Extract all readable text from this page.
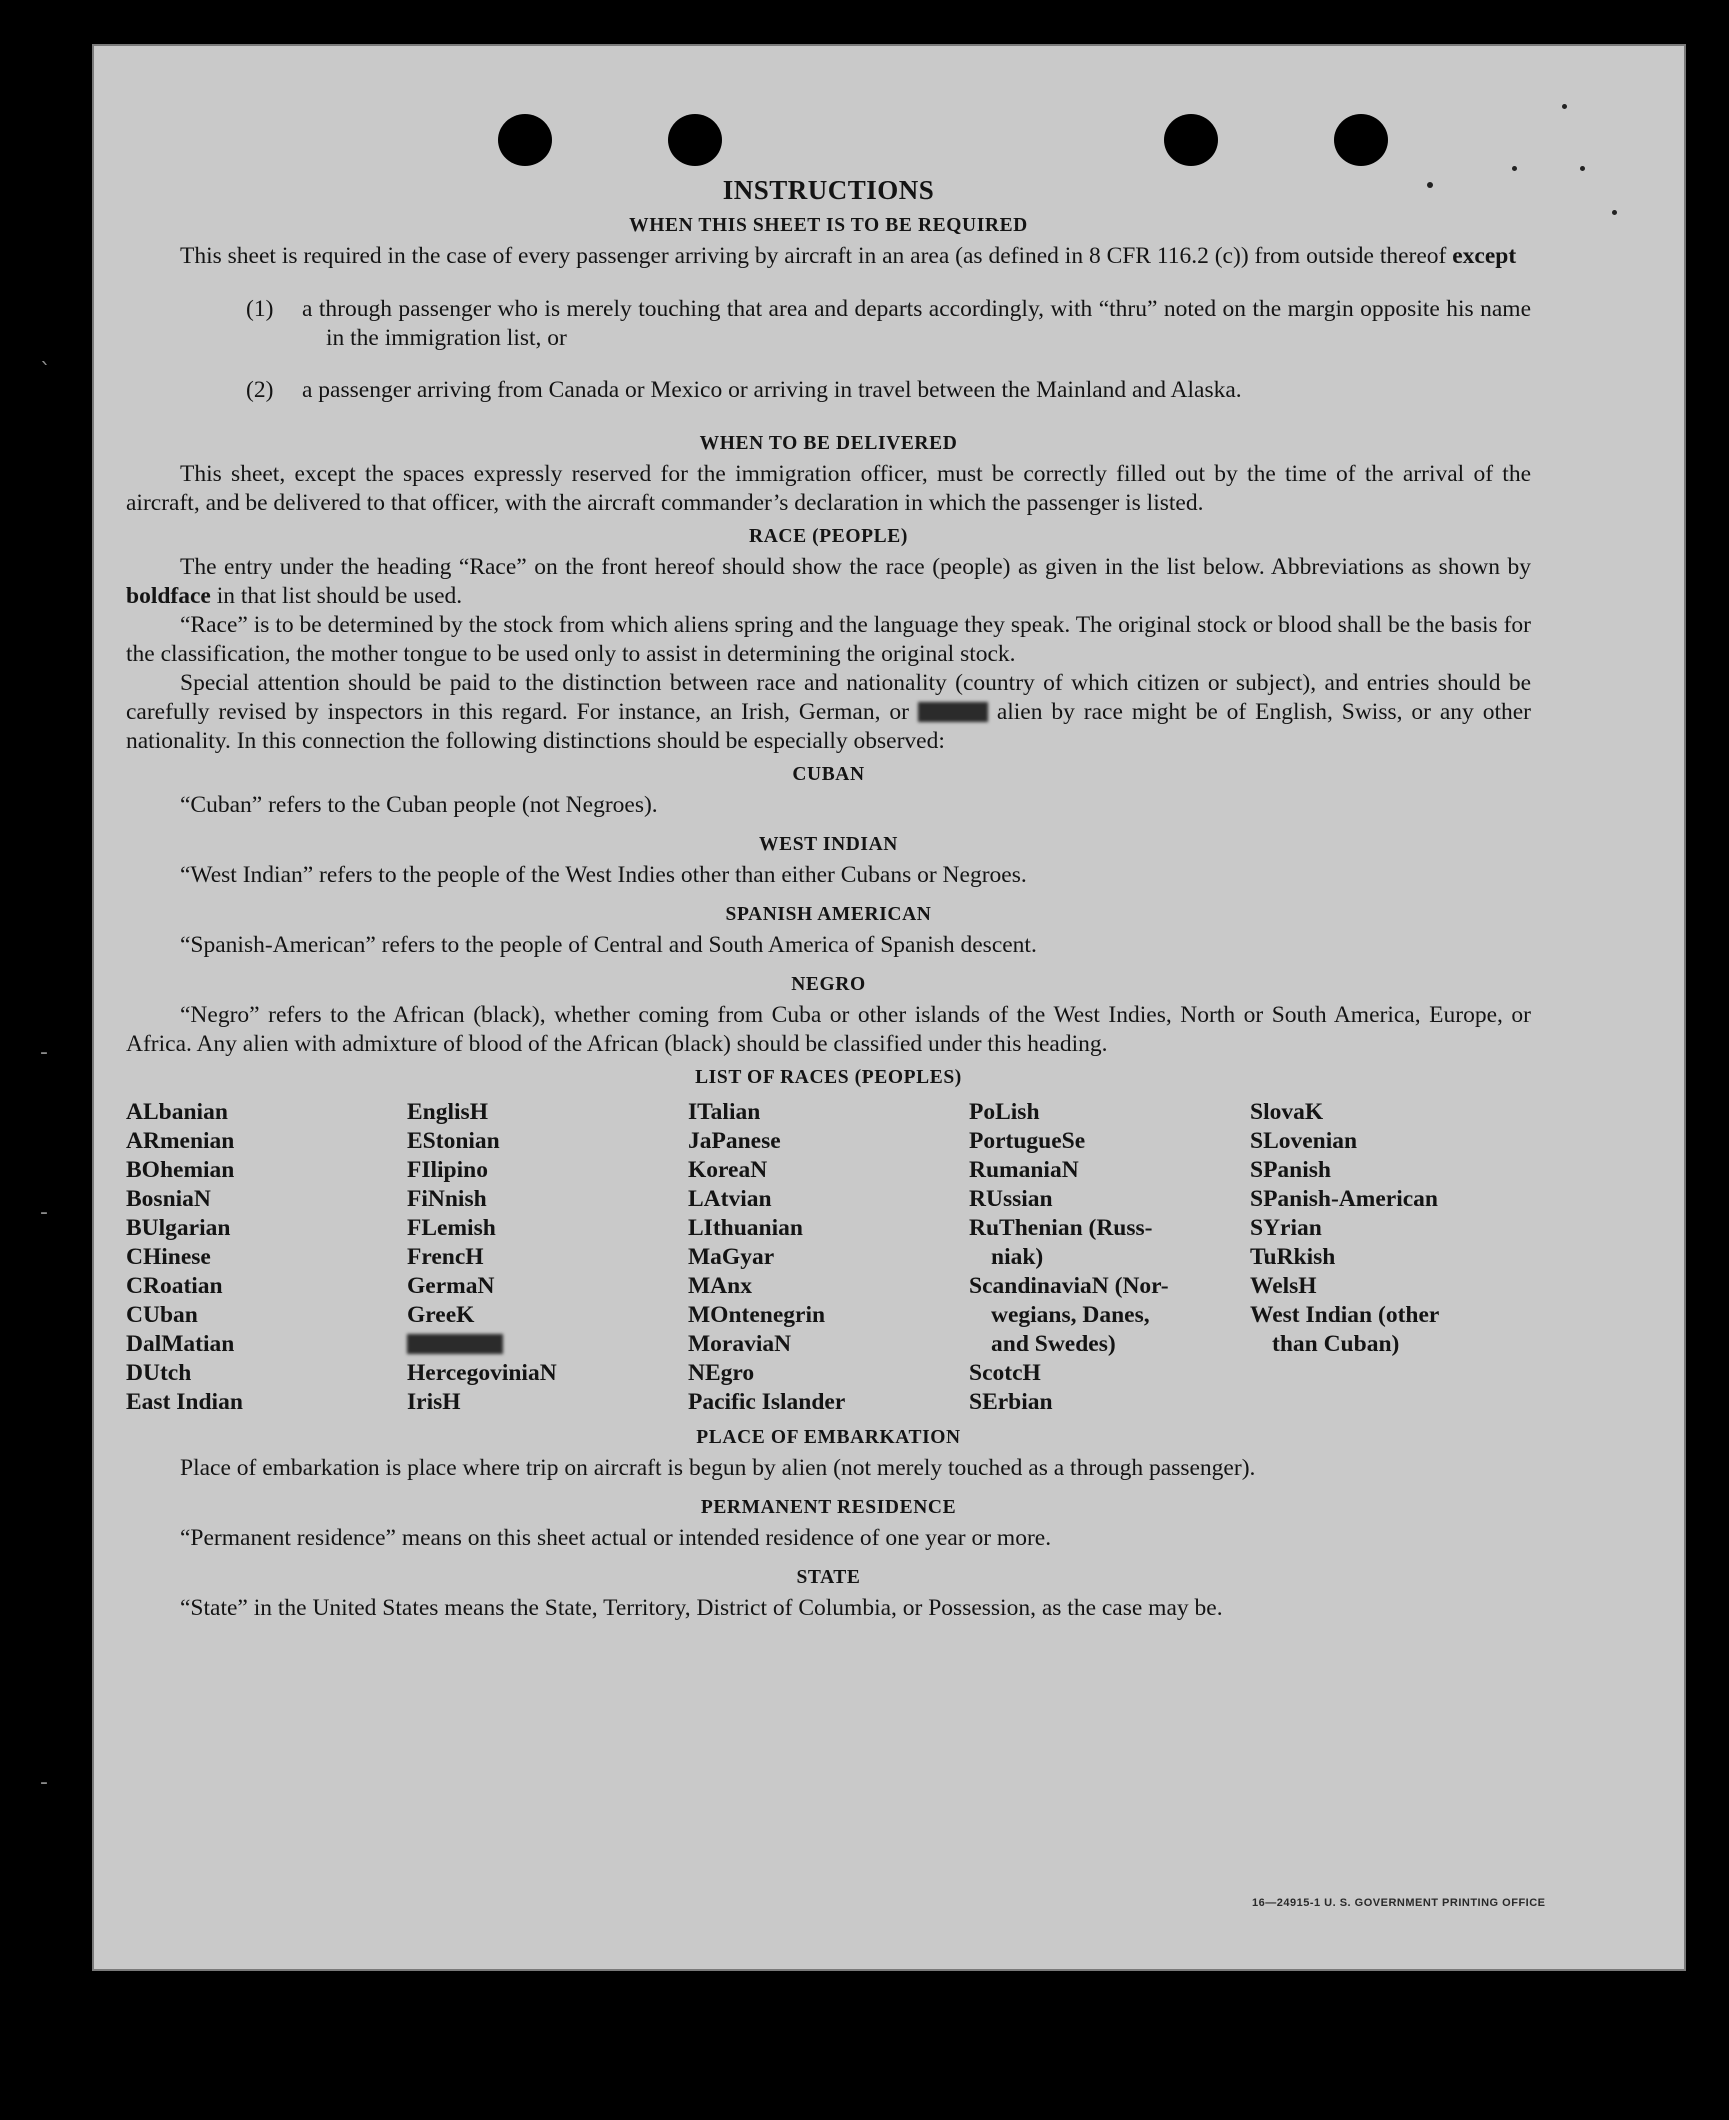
INSTRUCTIONS
WHEN THIS SHEET IS TO BE REQUIRED

This sheet is required in the case of every passenger arriving by aircraft in an area (as defined in 8 CFR 116.2 (c)) from outside thereof except

(1) a through passenger who is merely touching that area and departs accordingly, with “thru” noted on the margin opposite his name in the immigration list, or

(2) a passenger arriving from Canada or Mexico or arriving in travel between the Mainland and Alaska.

WHEN TO BE DELIVERED

This sheet, except the spaces expressly reserved for the immigration officer, must be correctly filled out by the time of the arrival of the aircraft, and be delivered to that officer, with the aircraft commander’s declaration in which the passenger is listed.

RACE (PEOPLE)

The entry under the heading “Race” on the front hereof should show the race (people) as given in the list below. Abbreviations as shown by boldface in that list should be used.

“Race” is to be determined by the stock from which aliens spring and the language they speak. The original stock or blood shall be the basis for the classification, the mother tongue to be used only to assist in determining the original stock.

Special attention should be paid to the distinction between race and nationality (country of which citizen or subject), and entries should be carefully revised by inspectors in this regard. For instance, an Irish, German, or	alien by race might be of English, Swiss, or any other nationality. In this connection the following distinctions should be especially observed:

CUBAN

“Cuban” refers to the Cuban people (not Negroes).

WEST INDIAN

“West Indian” refers to the people of the West Indies other than either Cubans or Negroes.

SPANISH AMERICAN

“Spanish-American” refers to the people of Central and South America of Spanish descent.

NEGRO

“Negro” refers to the African (black), whether coming from Cuba or other islands of the West Indies, North or South America, Europe, or Africa. Any alien with admixture of blood of the African (black) should be classified under this heading.

LIST OF RACES (PEOPLES)
ALbanian
ARmenian
BOhemian
BosniaN
BUlgarian
CHinese
CRoatian
CUban
DalMatian
DUtch
East Indian
EnglisH
EStonian
FIlipino
FiNnish
FLemish
FrencH
GermaN
GreeK
HercegoviniaN
IrisH
ITalian
JaPanese
KoreaN
LAtvian
LIthuanian
MaGyar
MAnx
MOntenegrin
MoraviaN
NEgro
Pacific Islander
PoLish
PortugueSe
RumaniaN
RUssian
RuThenian (Russ-
niak)
ScandinaviaN (Nor-
wegians, Danes,
and Swedes)
ScotcH
SErbian
SlovaK
SLovenian
SPanish
SPanish-American
SYrian
TuRkish
WelsH
West Indian (other
than Cuban)
PLACE OF EMBARKATION

Place of embarkation is place where trip on aircraft is begun by alien (not merely touched as a through passenger).

PERMANENT RESIDENCE

“Permanent residence” means on this sheet actual or intended residence of one year or more.

STATE

“State” in the United States means the State, Territory, District of Columbia, or Possession, as the case may be.

16—24915-1 U. S. GOVERNMENT PRINTING OFFICE
ˋ
‑
‑
‑
